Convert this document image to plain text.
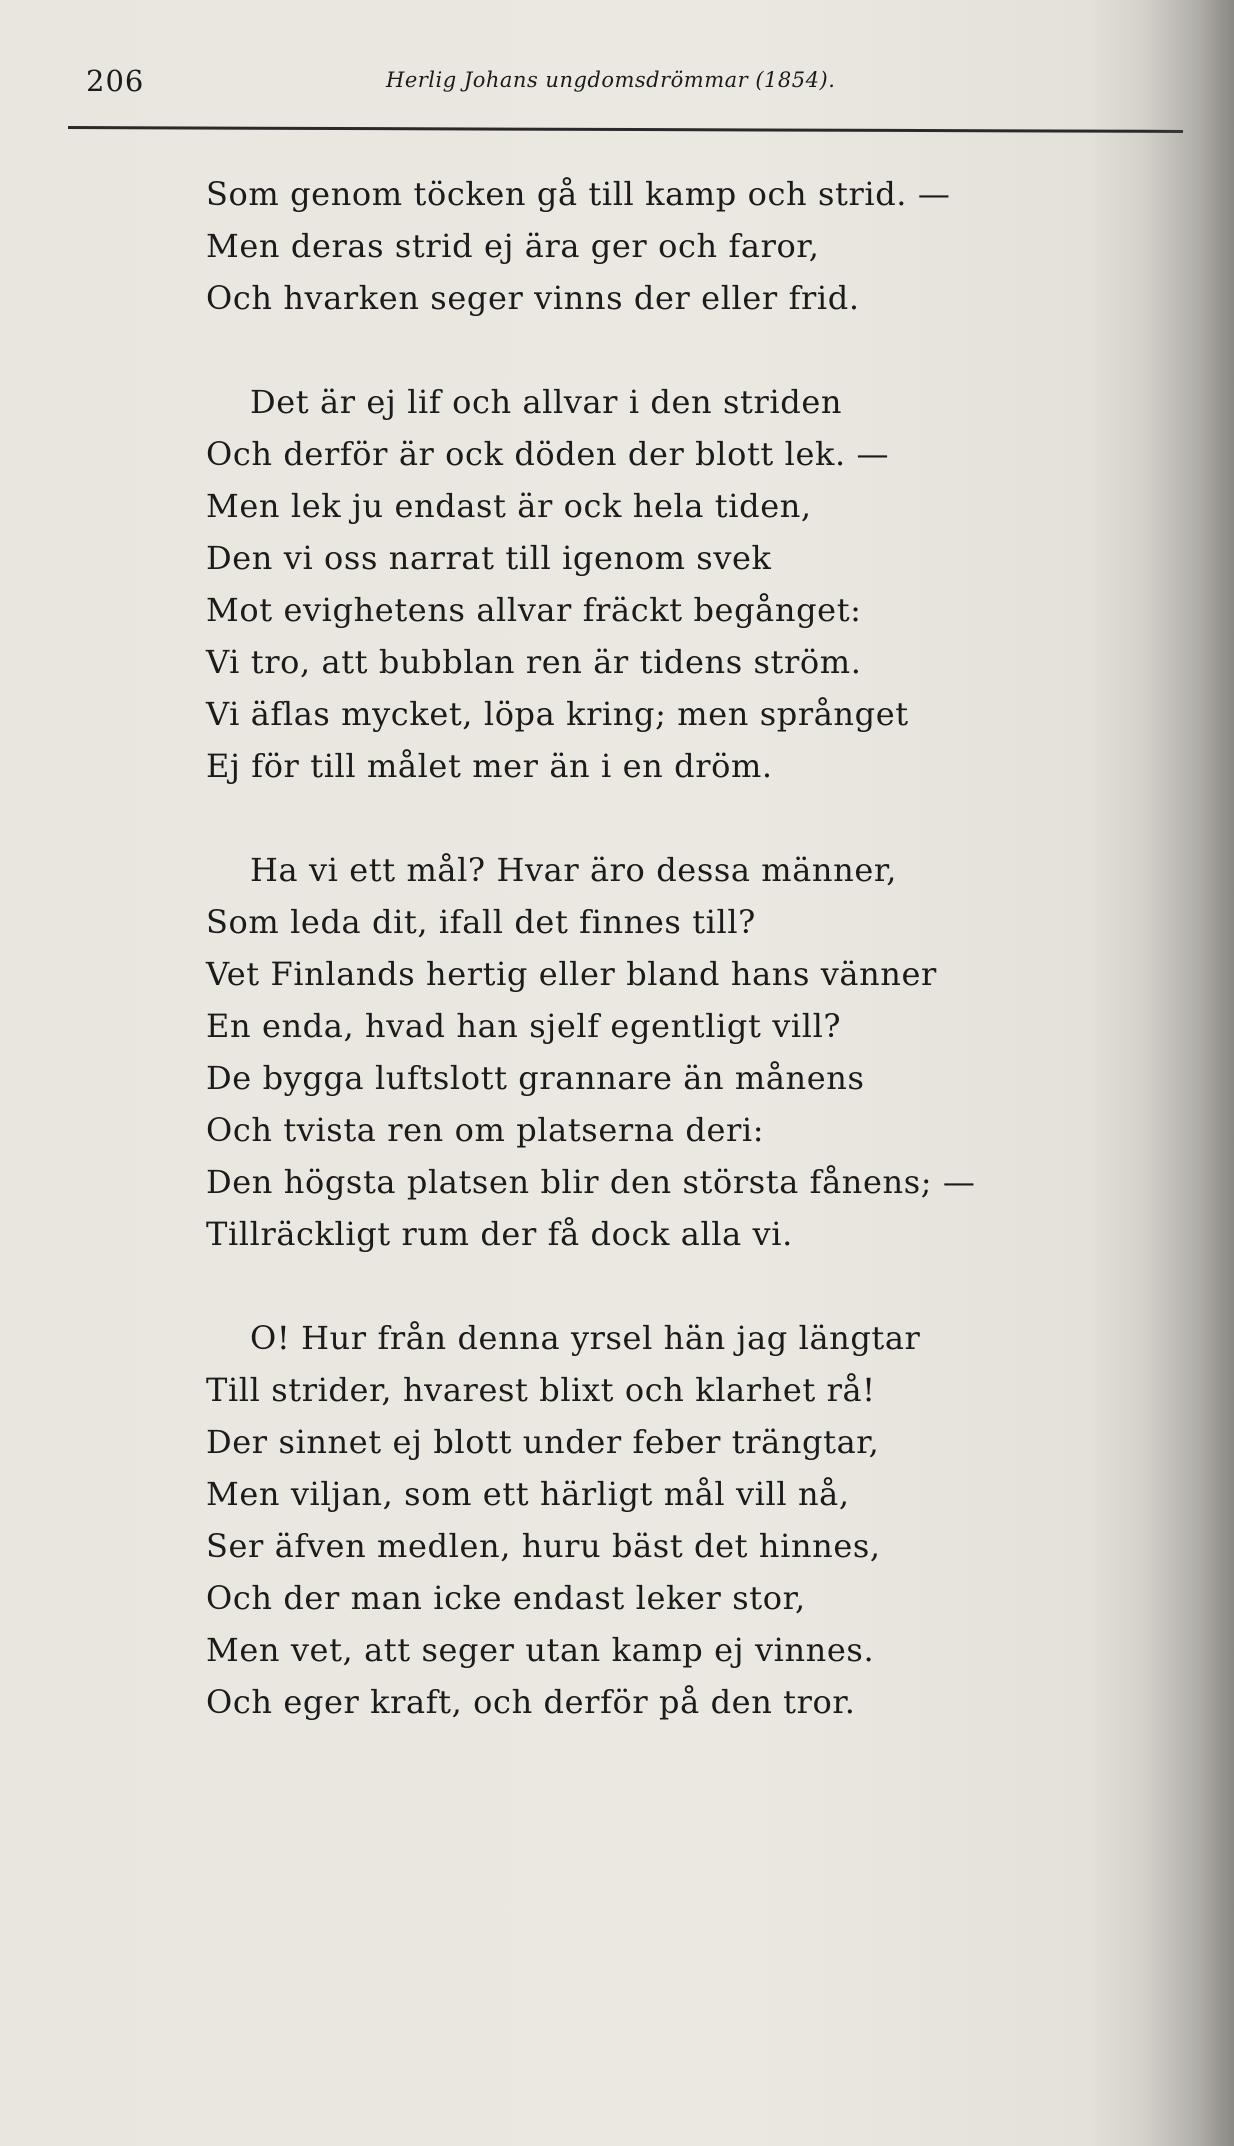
206	Herlig Johans ungdomsdrömmar (1854).
Som genom töcken gå till kamp och strid. —
Men deras strid ej ära ger och faror,
Och hvarken seger vinns der eller frid.
Det är ej lif och allvar i den striden
Och derför är ock döden der blott lek. —
Men lek ju endast är ock hela tiden,
Den vi oss narrat till igenom svek
Mot evighetens allvar fräckt begånget:
Vi tro, att bubblan ren är tidens ström.
Vi äflas mycket, löpa kring; men språnget
Ej för till målet mer än i en dröm.
Ha vi ett mål? Hvar äro dessa männer,
Som leda dit, ifall det finnes till?
Vet Finlands hertig eller bland hans vänner
En enda, hvad han sjelf egentligt vill?
De bygga luftslott grannare än månens
Och tvista ren om platserna deri:
Den högsta platsen blir den största fånens; —
Tillräckligt rum der få dock alla vi.
O! Hur från denna yrsel hän jag längtar
Till strider, hvarest blixt och klarhet rå!
Der sinnet ej blott under feber trängtar,
Men viljan, som ett härligt mål vill nå,
Ser äfven medlen, huru bäst det hinnes,
Och der man icke endast leker stor,
Men vet, att seger utan kamp ej vinnes.
Och eger kraft, och derför på den tror.
